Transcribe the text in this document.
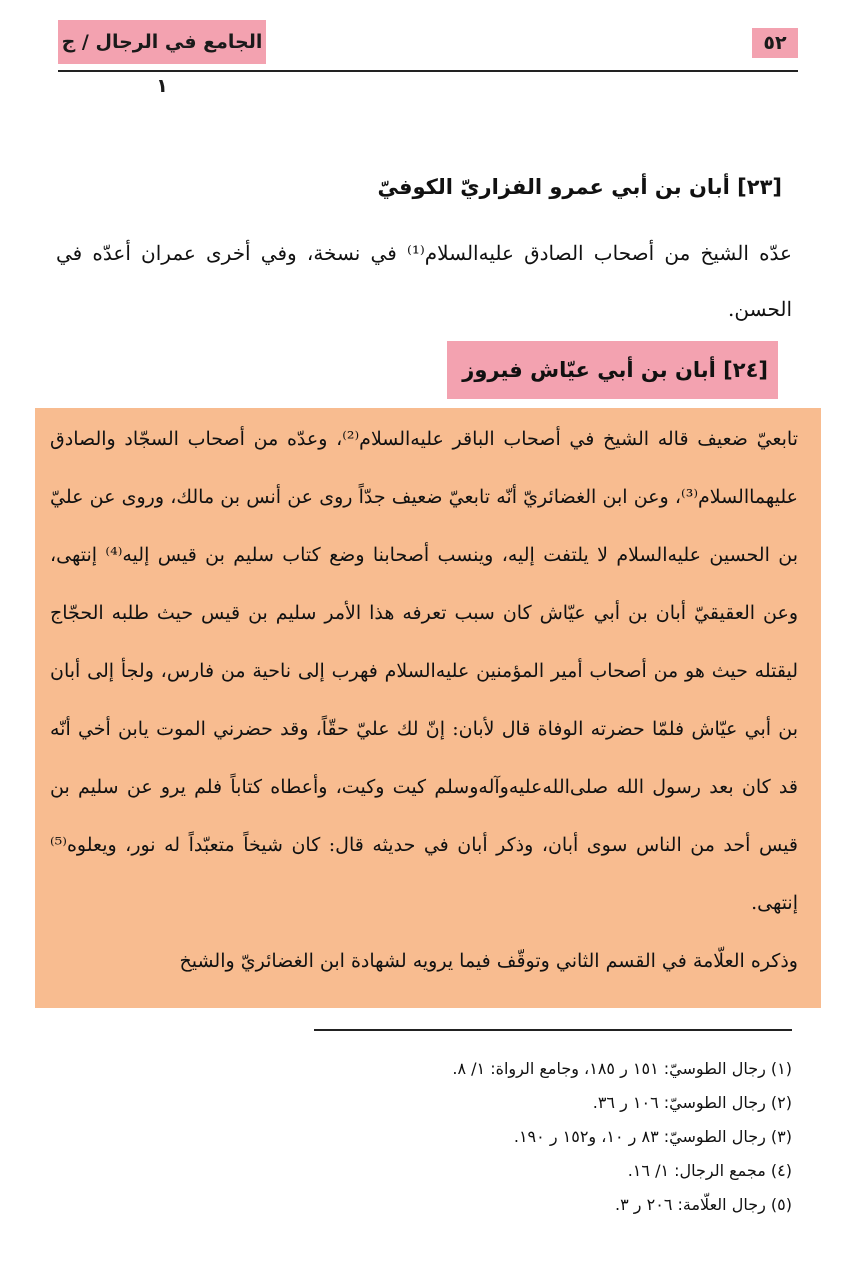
الجامع في الرجال / ج ١
٥٢
[٢٣] أبان بن أبي عمرو الفزاريّ الكوفيّ
عدّه الشيخ من أصحاب الصادق عليه‌السلام⁽¹⁾ في نسخة، وفي أخرى عمران أعدّه في الحسن.
[٢٤] أبان بن أبي عيّاش فيروز

تابعيّ ضعيف قاله الشيخ في أصحاب الباقر عليه‌السلام⁽²⁾، وعدّه من أصحاب السجّاد والصادق عليهما‌السلام⁽³⁾، وعن ابن الغضائريّ أنّه تابعيّ ضعيف جدّاً روى عن أنس بن مالك، وروى عن عليّ بن الحسين عليه‌السلام لا يلتفت إليه، وينسب أصحابنا وضع كتاب سليم بن قيس إليه⁽⁴⁾ إنتهى، وعن العقيقيّ أبان بن أبي عيّاش كان سبب تعرفه هذا الأمر سليم بن قيس حيث طلبه الحجّاج ليقتله حيث هو من أصحاب أمير المؤمنين عليه‌السلام فهرب إلى ناحية من فارس، ولجأ إلى أبان بن أبي عيّاش فلمّا حضرته الوفاة قال لأبان: إنّ لك عليّ حقّاً، وقد حضرني الموت يابن أخي أنّه قد كان بعد رسول الله صلى‌الله‌عليه‌وآله‌وسلم كيت وكيت، وأعطاه كتاباً فلم يرو عن سليم بن قيس أحد من الناس سوى أبان، وذكر أبان في حديثه قال: كان شيخاً متعبّداً له نور، ويعلوه⁽⁵⁾ إنتهى.

وذكره العلّامة في القسم الثاني وتوقّف فيما يرويه لشهادة ابن الغضائريّ والشيخ

(١) رجال الطوسيّ: ١٥١ ر ١٨٥، وجامع الرواة: ١/ ٨.
(٢) رجال الطوسيّ: ١٠٦ ر ٣٦.
(٣) رجال الطوسيّ: ٨٣ ر ١٠، و١٥٢ ر ١٩٠.
(٤) مجمع الرجال: ١/ ١٦.
(٥) رجال العلّامة: ٢٠٦ ر ٣.
